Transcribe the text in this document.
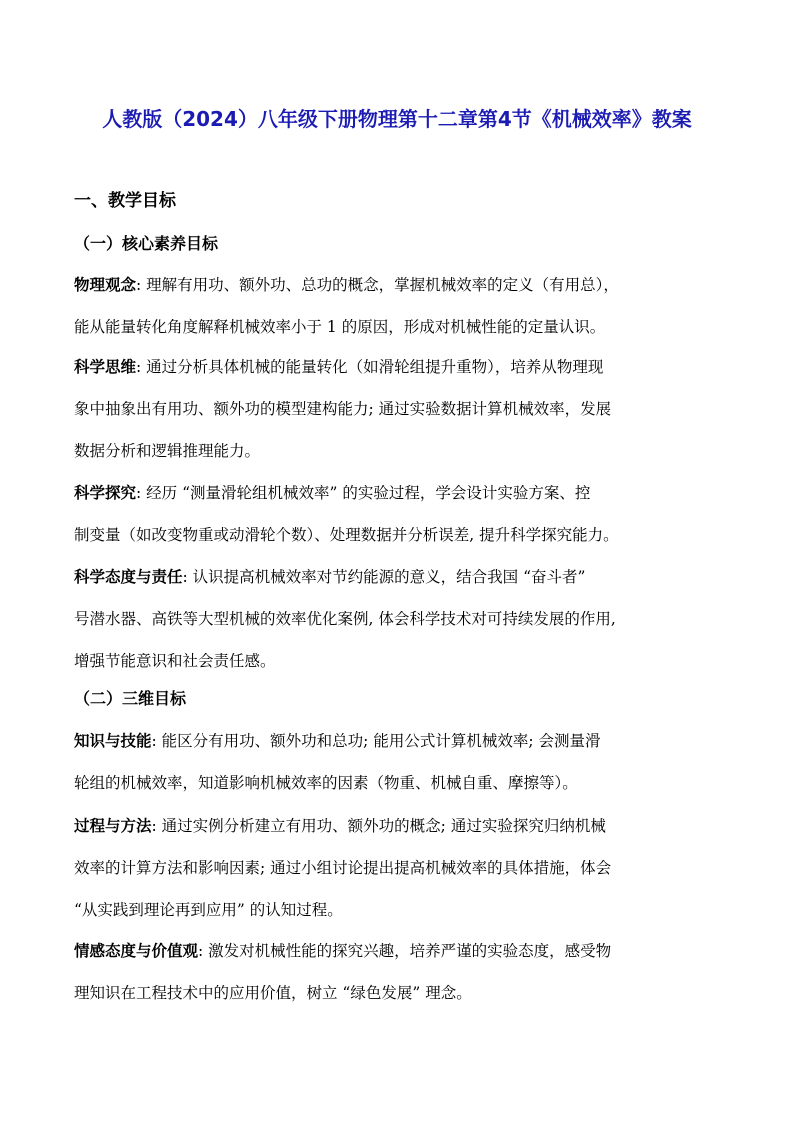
人教版（2024）八年级下册物理第十二章第4节《机械效率》教案
一、教学目标
（一）核心素养目标
物理观念: 理解有用功、额外功、总功的概念，掌握机械效率的定义（有用总），
能从能量转化角度解释机械效率小于 1 的原因，形成对机械性能的定量认识。
科学思维: 通过分析具体机械的能量转化（如滑轮组提升重物），培养从物理现
象中抽象出有用功、额外功的模型建构能力; 通过实验数据计算机械效率，发展
数据分析和逻辑推理能力。
科学探究: 经历 “测量滑轮组机械效率” 的实验过程，学会设计实验方案、控
制变量（如改变物重或动滑轮个数）、处理数据并分析误差, 提升科学探究能力。
科学态度与责任: 认识提高机械效率对节约能源的意义，结合我国 “奋斗者”
号潜水器、高铁等大型机械的效率优化案例, 体会科学技术对可持续发展的作用,
增强节能意识和社会责任感。
（二）三维目标
知识与技能: 能区分有用功、额外功和总功; 能用公式计算机械效率; 会测量滑
轮组的机械效率，知道影响机械效率的因素（物重、机械自重、摩擦等）。
过程与方法: 通过实例分析建立有用功、额外功的概念; 通过实验探究归纳机械
效率的计算方法和影响因素; 通过小组讨论提出提高机械效率的具体措施，体会
“从实践到理论再到应用” 的认知过程。
情感态度与价值观: 激发对机械性能的探究兴趣，培养严谨的实验态度，感受物
理知识在工程技术中的应用价值，树立 “绿色发展” 理念。
